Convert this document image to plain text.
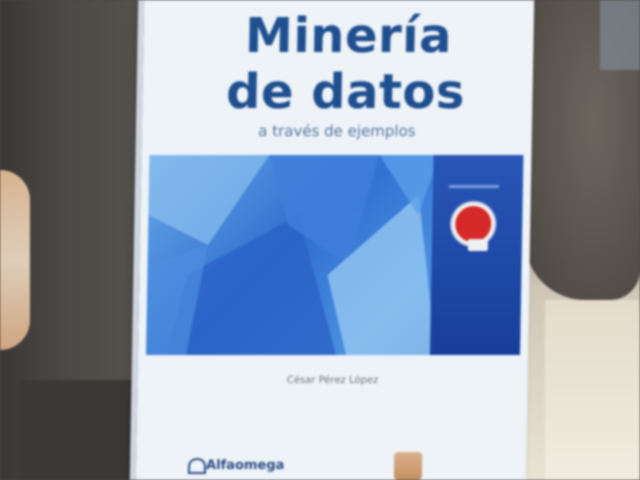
Minería
de datos
a través de ejemplos
César Pérez López
Alfaomega
